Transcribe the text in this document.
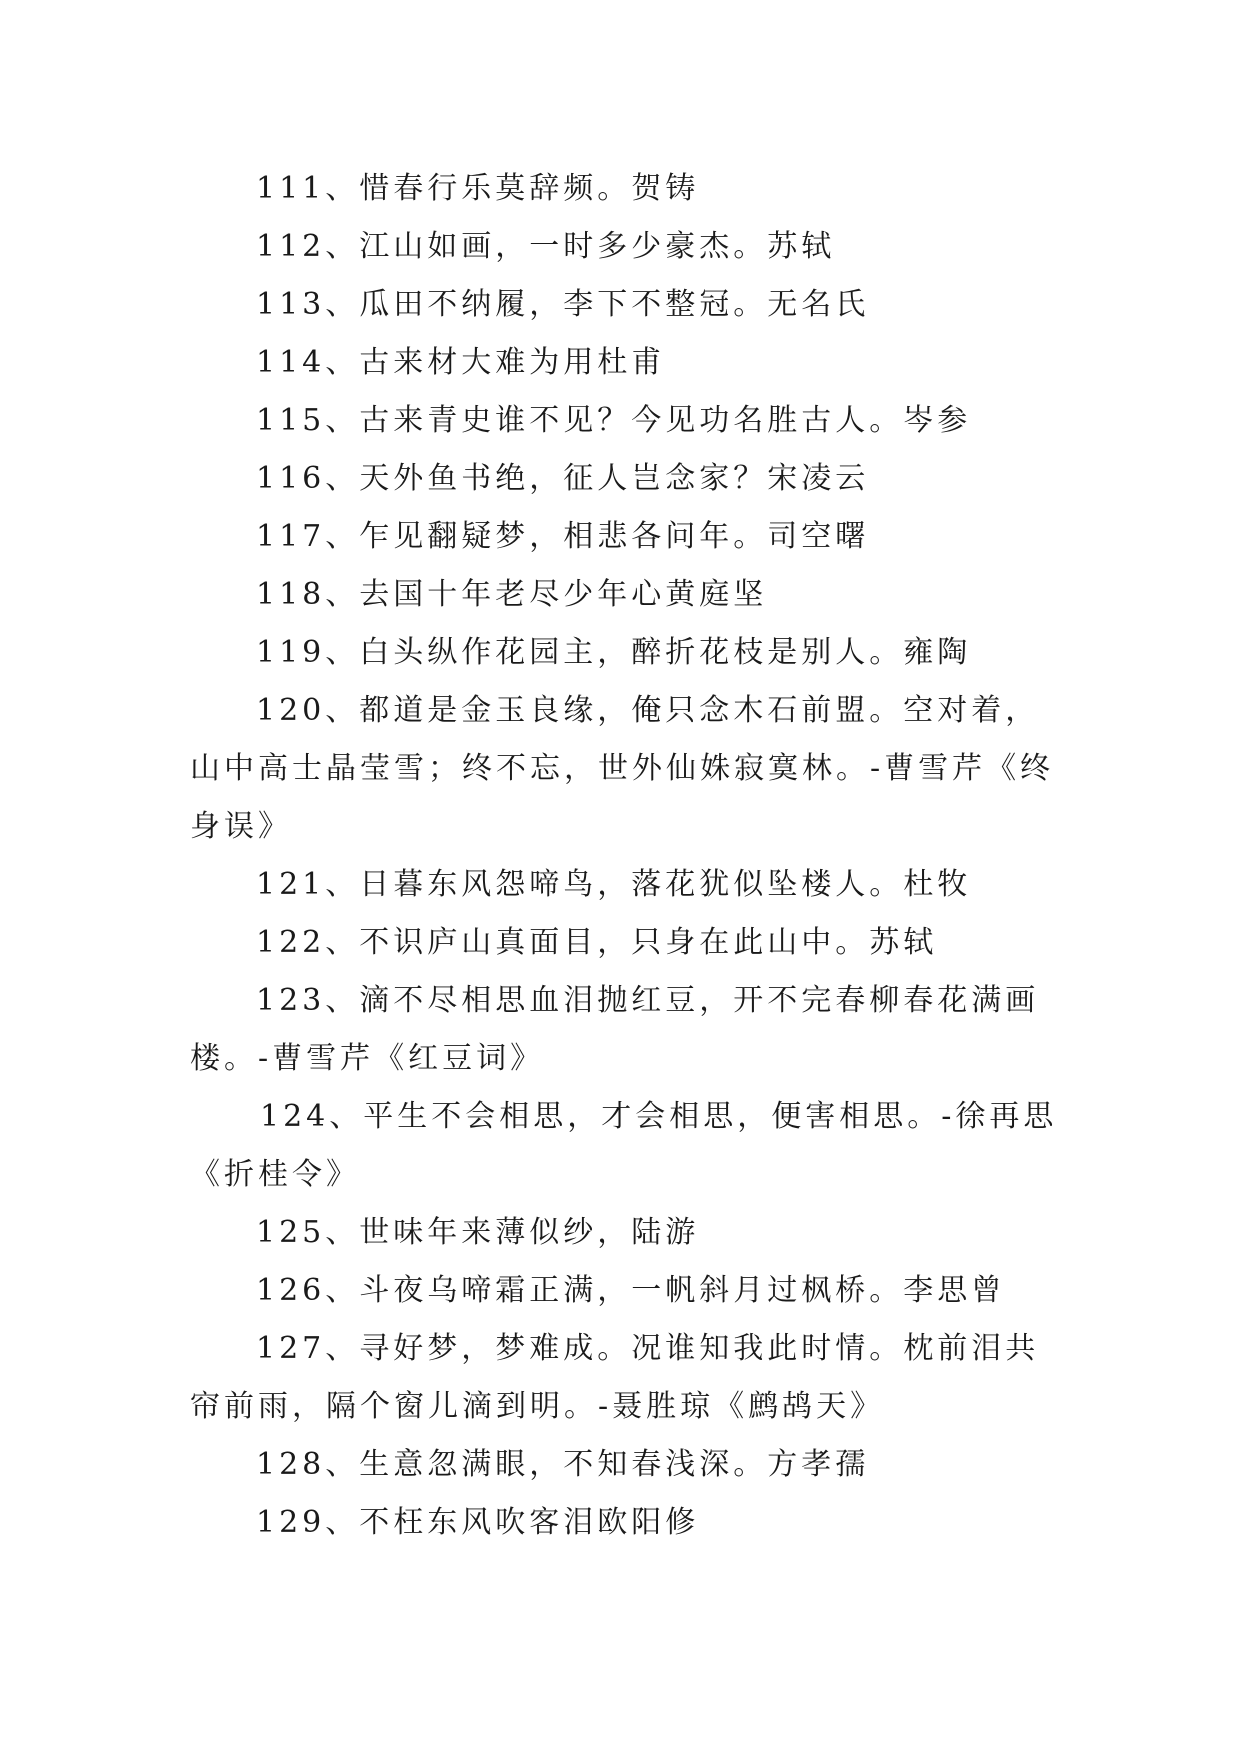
111、惜春行乐莫辞频。贺铸

112、江山如画，一时多少豪杰。苏轼

113、瓜田不纳履，李下不整冠。无名氏

114、古来材大难为用杜甫

115、古来青史谁不见？今见功名胜古人。岑参

116、天外鱼书绝，征人岂念家？宋凌云

117、乍见翻疑梦，相悲各问年。司空曙

118、去国十年老尽少年心黄庭坚

119、白头纵作花园主，醉折花枝是别人。雍陶

120、都道是金玉良缘，俺只念木石前盟。空对着，山中高士晶莹雪；终不忘，世外仙姝寂寞林。-曹雪芹《终身误》

121、日暮东风怨啼鸟，落花犹似坠楼人。杜牧

122、不识庐山真面目，只身在此山中。苏轼

123、滴不尽相思血泪抛红豆，开不完春柳春花满画楼。-曹雪芹《红豆词》

124、平生不会相思，才会相思，便害相思。-徐再思《折桂令》

125、世味年来薄似纱，陆游

126、斗夜乌啼霜正满，一帆斜月过枫桥。李思曾

127、寻好梦，梦难成。况谁知我此时情。枕前泪共帘前雨，隔个窗儿滴到明。-聂胜琼《鹧鸪天》

128、生意忽满眼，不知春浅深。方孝孺

129、不枉东风吹客泪欧阳修
